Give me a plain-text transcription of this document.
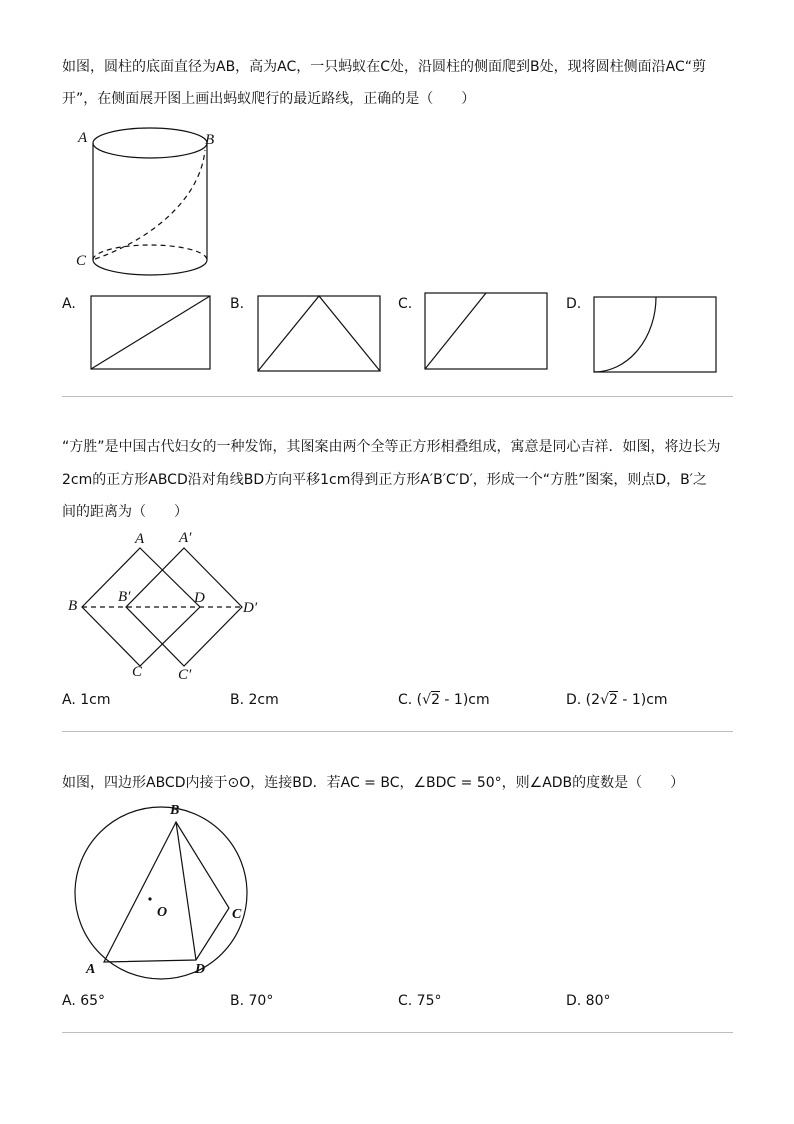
如图，圆柱的底面直径为AB，高为AC，一只蚂蚁在C处，沿圆柱的侧面爬到B处，现将圆柱侧面沿AC“剪
开”，在侧面展开图上画出蚂蚁爬行的最近路线，正确的是（　　）
A	B
C
A.	B.	C.	D.
“方胜”是中国古代妇女的一种发饰，其图案由两个全等正方形相叠组成，寓意是同心吉祥．如图，将边长为
2cm的正方形ABCD沿对角线BD方向平移1cm得到正方形A′B′C′D′，形成一个“方胜”图案，则点D，B′之
间的距离为（　　）
A A′
B
B′	D
D′
C C′
A. 1cm	B. 2cm	C. (√2 - 1)cm	D. (2√2 - 1)cm
如图，四边形ABCD内接于⊙O，连接BD．若AC = BC，∠BDC = 50°，则∠ADB的度数是（　　）
B
O	C
A	D
A. 65°	B. 70°	C. 75°	D. 80°
